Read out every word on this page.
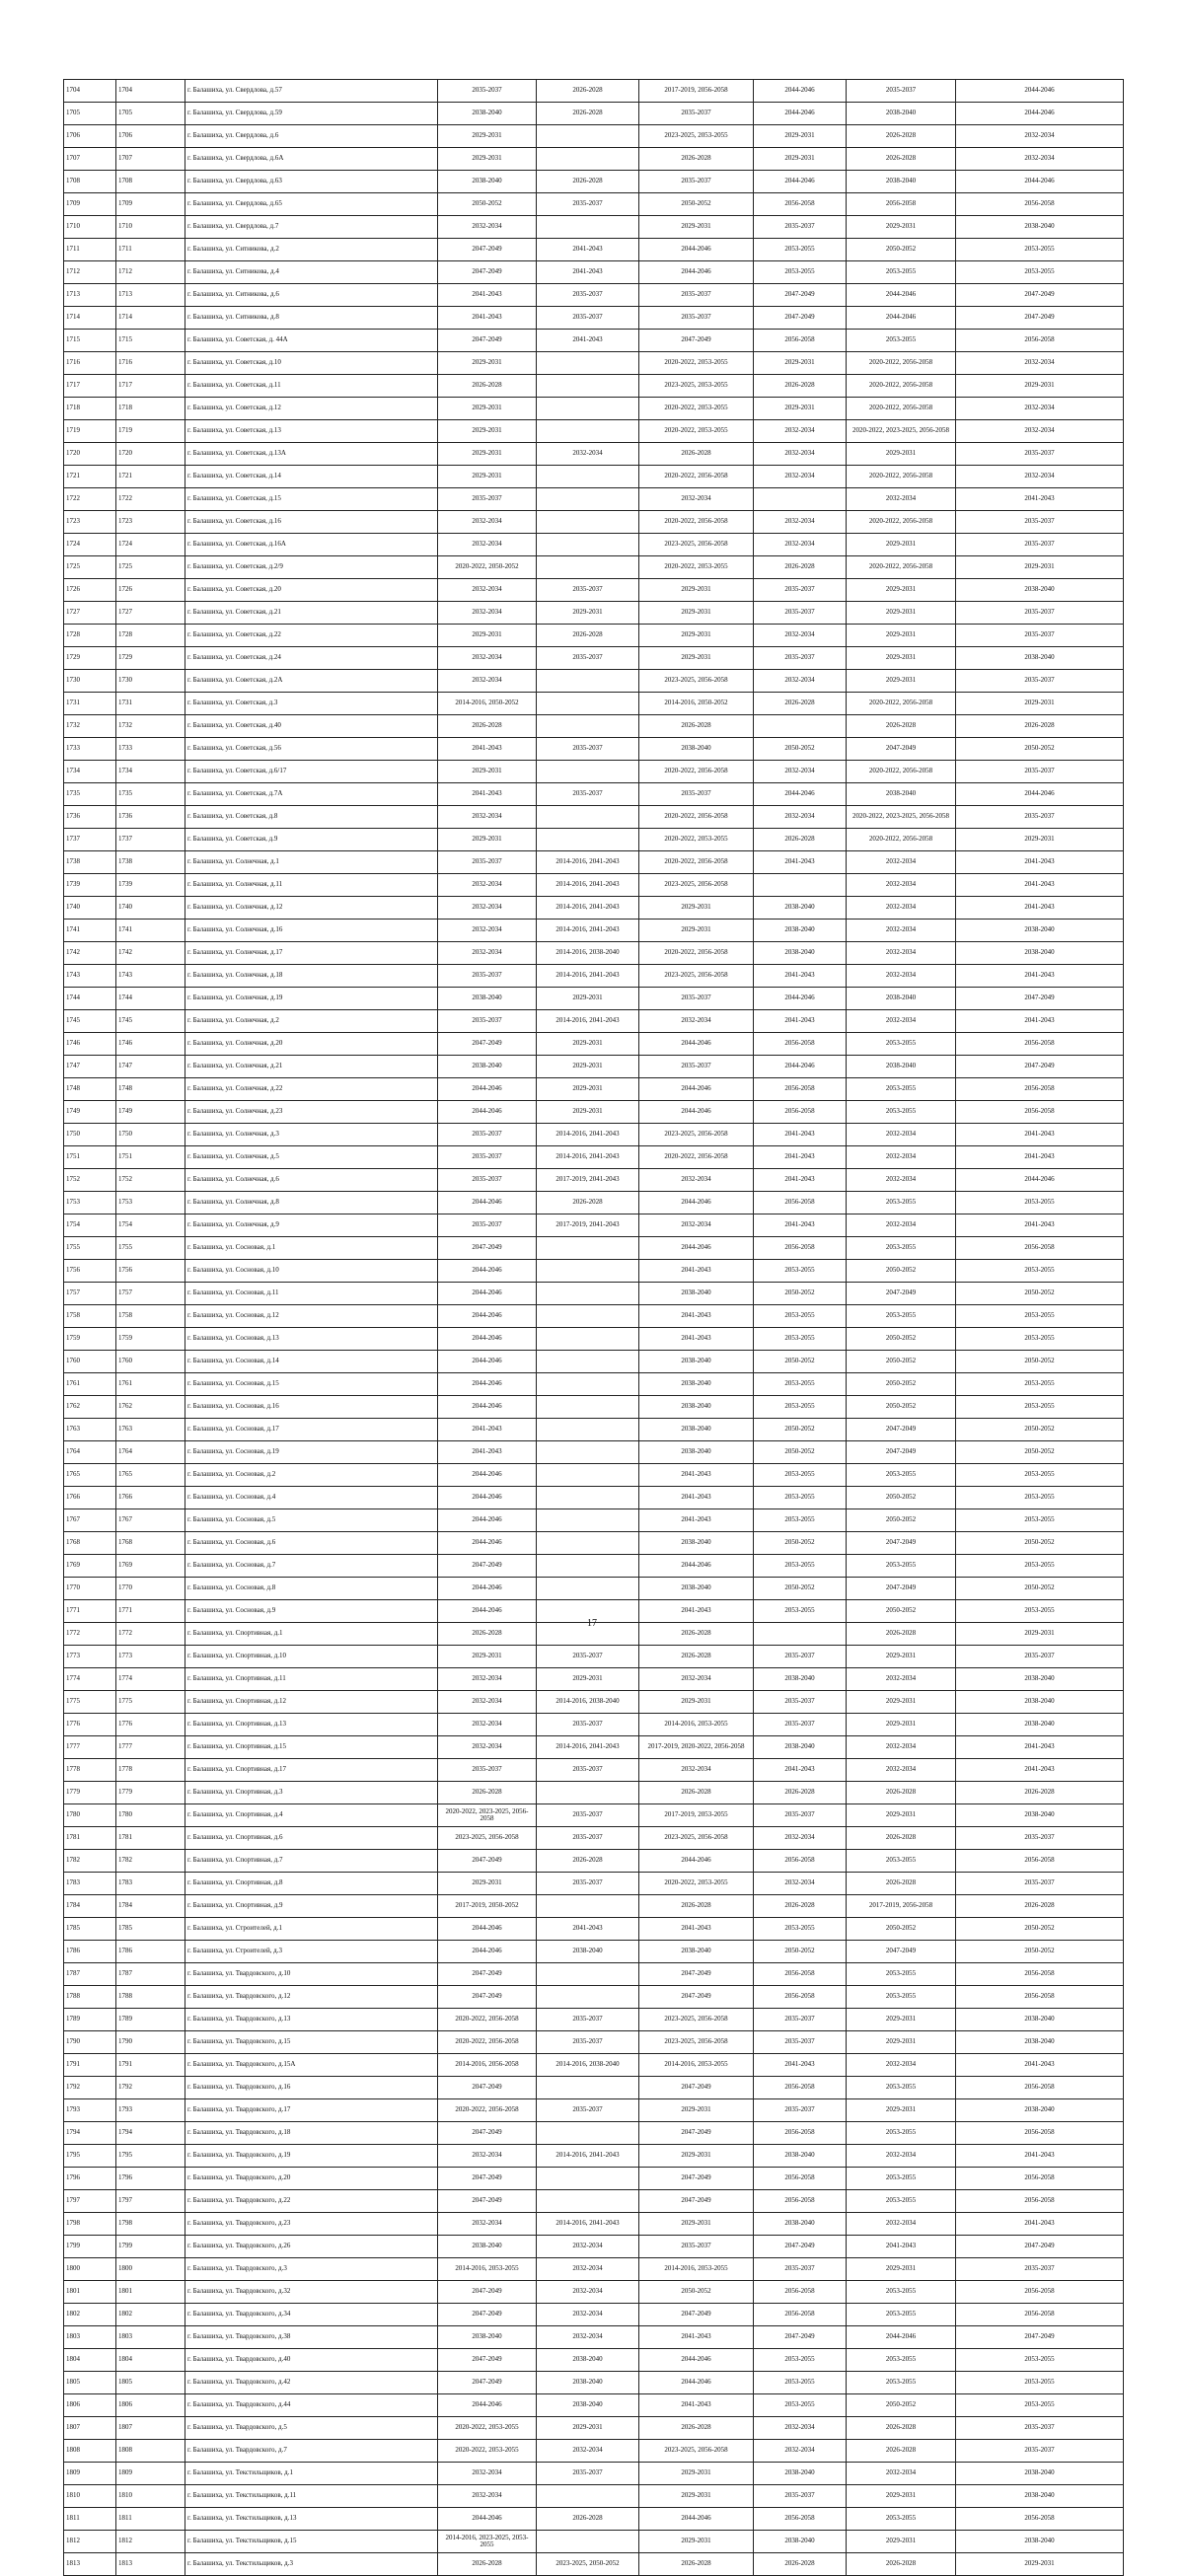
1704	1704	г. Балашиха, ул. Свердлова, д.57	2035-2037	2026-2028	2017-2019, 2056-2058	2044-2046	2035-2037	2044-2046
1705	1705	г. Балашиха, ул. Свердлова, д.59	2038-2040	2026-2028	2035-2037	2044-2046	2038-2040	2044-2046
1706	1706	г. Балашиха, ул. Свердлова, д.6	2029-2031		2023-2025, 2053-2055	2029-2031	2026-2028	2032-2034
1707	1707	г. Балашиха, ул. Свердлова, д.6А	2029-2031		2026-2028	2029-2031	2026-2028	2032-2034
1708	1708	г. Балашиха, ул. Свердлова, д.63	2038-2040	2026-2028	2035-2037	2044-2046	2038-2040	2044-2046
1709	1709	г. Балашиха, ул. Свердлова, д.65	2050-2052	2035-2037	2050-2052	2056-2058	2056-2058	2056-2058
1710	1710	г. Балашиха, ул. Свердлова, д.7	2032-2034		2029-2031	2035-2037	2029-2031	2038-2040
1711	1711	г. Балашиха, ул. Ситникова, д.2	2047-2049	2041-2043	2044-2046	2053-2055	2050-2052	2053-2055
1712	1712	г. Балашиха, ул. Ситникова, д.4	2047-2049	2041-2043	2044-2046	2053-2055	2053-2055	2053-2055
1713	1713	г. Балашиха, ул. Ситникова, д.6	2041-2043	2035-2037	2035-2037	2047-2049	2044-2046	2047-2049
1714	1714	г. Балашиха, ул. Ситникова, д.8	2041-2043	2035-2037	2035-2037	2047-2049	2044-2046	2047-2049
1715	1715	г. Балашиха, ул. Советская, д. 44А	2047-2049	2041-2043	2047-2049	2056-2058	2053-2055	2056-2058
1716	1716	г. Балашиха, ул. Советская, д.10	2029-2031		2020-2022, 2053-2055	2029-2031	2020-2022, 2056-2058	2032-2034
1717	1717	г. Балашиха, ул. Советская, д.11	2026-2028		2023-2025, 2053-2055	2026-2028	2020-2022, 2056-2058	2029-2031
1718	1718	г. Балашиха, ул. Советская, д.12	2029-2031		2020-2022, 2053-2055	2029-2031	2020-2022, 2056-2058	2032-2034
1719	1719	г. Балашиха, ул. Советская, д.13	2029-2031		2020-2022, 2053-2055	2032-2034	2020-2022, 2023-2025, 2056-2058	2032-2034
1720	1720	г. Балашиха, ул. Советская, д.13А	2029-2031	2032-2034	2026-2028	2032-2034	2029-2031	2035-2037
1721	1721	г. Балашиха, ул. Советская, д.14	2029-2031		2020-2022, 2056-2058	2032-2034	2020-2022, 2056-2058	2032-2034
1722	1722	г. Балашиха, ул. Советская, д.15	2035-2037		2032-2034		2032-2034	2041-2043
1723	1723	г. Балашиха, ул. Советская, д.16	2032-2034		2020-2022, 2056-2058	2032-2034	2020-2022, 2056-2058	2035-2037
1724	1724	г. Балашиха, ул. Советская, д.16А	2032-2034		2023-2025, 2056-2058	2032-2034	2029-2031	2035-2037
1725	1725	г. Балашиха, ул. Советская, д.2/9	2020-2022, 2050-2052		2020-2022, 2053-2055	2026-2028	2020-2022, 2056-2058	2029-2031
1726	1726	г. Балашиха, ул. Советская, д.20	2032-2034	2035-2037	2029-2031	2035-2037	2029-2031	2038-2040
1727	1727	г. Балашиха, ул. Советская, д.21	2032-2034	2029-2031	2029-2031	2035-2037	2029-2031	2035-2037
1728	1728	г. Балашиха, ул. Советская, д.22	2029-2031	2026-2028	2029-2031	2032-2034	2029-2031	2035-2037
1729	1729	г. Балашиха, ул. Советская, д.24	2032-2034	2035-2037	2029-2031	2035-2037	2029-2031	2038-2040
1730	1730	г. Балашиха, ул. Советская, д.2А	2032-2034		2023-2025, 2056-2058	2032-2034	2029-2031	2035-2037
1731	1731	г. Балашиха, ул. Советская, д.3	2014-2016, 2050-2052		2014-2016, 2050-2052	2026-2028	2020-2022, 2056-2058	2029-2031
1732	1732	г. Балашиха, ул. Советская, д.40	2026-2028		2026-2028		2026-2028	2026-2028
1733	1733	г. Балашиха, ул. Советская, д.56	2041-2043	2035-2037	2038-2040	2050-2052	2047-2049	2050-2052
1734	1734	г. Балашиха, ул. Советская, д.6/17	2029-2031		2020-2022, 2056-2058	2032-2034	2020-2022, 2056-2058	2035-2037
1735	1735	г. Балашиха, ул. Советская, д.7А	2041-2043	2035-2037	2035-2037	2044-2046	2038-2040	2044-2046
1736	1736	г. Балашиха, ул. Советская, д.8	2032-2034		2020-2022, 2056-2058	2032-2034	2020-2022, 2023-2025, 2056-2058	2035-2037
1737	1737	г. Балашиха, ул. Советская, д.9	2029-2031		2020-2022, 2053-2055	2026-2028	2020-2022, 2056-2058	2029-2031
1738	1738	г. Балашиха, ул. Солнечная, д.1	2035-2037	2014-2016, 2041-2043	2020-2022, 2056-2058	2041-2043	2032-2034	2041-2043
1739	1739	г. Балашиха, ул. Солнечная, д.11	2032-2034	2014-2016, 2041-2043	2023-2025, 2056-2058		2032-2034	2041-2043
1740	1740	г. Балашиха, ул. Солнечная, д.12	2032-2034	2014-2016, 2041-2043	2029-2031	2038-2040	2032-2034	2041-2043
1741	1741	г. Балашиха, ул. Солнечная, д.16	2032-2034	2014-2016, 2041-2043	2029-2031	2038-2040	2032-2034	2038-2040
1742	1742	г. Балашиха, ул. Солнечная, д.17	2032-2034	2014-2016, 2038-2040	2020-2022, 2056-2058	2038-2040	2032-2034	2038-2040
1743	1743	г. Балашиха, ул. Солнечная, д.18	2035-2037	2014-2016, 2041-2043	2023-2025, 2056-2058	2041-2043	2032-2034	2041-2043
1744	1744	г. Балашиха, ул. Солнечная, д.19	2038-2040	2029-2031	2035-2037	2044-2046	2038-2040	2047-2049
1745	1745	г. Балашиха, ул. Солнечная, д.2	2035-2037	2014-2016, 2041-2043	2032-2034	2041-2043	2032-2034	2041-2043
1746	1746	г. Балашиха, ул. Солнечная, д.20	2047-2049	2029-2031	2044-2046	2056-2058	2053-2055	2056-2058
1747	1747	г. Балашиха, ул. Солнечная, д.21	2038-2040	2029-2031	2035-2037	2044-2046	2038-2040	2047-2049
1748	1748	г. Балашиха, ул. Солнечная, д.22	2044-2046	2029-2031	2044-2046	2056-2058	2053-2055	2056-2058
1749	1749	г. Балашиха, ул. Солнечная, д.23	2044-2046	2029-2031	2044-2046	2056-2058	2053-2055	2056-2058
1750	1750	г. Балашиха, ул. Солнечная, д.3	2035-2037	2014-2016, 2041-2043	2023-2025, 2056-2058	2041-2043	2032-2034	2041-2043
1751	1751	г. Балашиха, ул. Солнечная, д.5	2035-2037	2014-2016, 2041-2043	2020-2022, 2056-2058	2041-2043	2032-2034	2041-2043
1752	1752	г. Балашиха, ул. Солнечная, д.6	2035-2037	2017-2019, 2041-2043	2032-2034	2041-2043	2032-2034	2044-2046
1753	1753	г. Балашиха, ул. Солнечная, д.8	2044-2046	2026-2028	2044-2046	2056-2058	2053-2055	2053-2055
1754	1754	г. Балашиха, ул. Солнечная, д.9	2035-2037	2017-2019, 2041-2043	2032-2034	2041-2043	2032-2034	2041-2043
1755	1755	г. Балашиха, ул. Сосновая, д.1	2047-2049		2044-2046	2056-2058	2053-2055	2056-2058
1756	1756	г. Балашиха, ул. Сосновая, д.10	2044-2046		2041-2043	2053-2055	2050-2052	2053-2055
1757	1757	г. Балашиха, ул. Сосновая, д.11	2044-2046		2038-2040	2050-2052	2047-2049	2050-2052
1758	1758	г. Балашиха, ул. Сосновая, д.12	2044-2046		2041-2043	2053-2055	2053-2055	2053-2055
1759	1759	г. Балашиха, ул. Сосновая, д.13	2044-2046		2041-2043	2053-2055	2050-2052	2053-2055
1760	1760	г. Балашиха, ул. Сосновая, д.14	2044-2046		2038-2040	2050-2052	2050-2052	2050-2052
1761	1761	г. Балашиха, ул. Сосновая, д.15	2044-2046		2038-2040	2053-2055	2050-2052	2053-2055
1762	1762	г. Балашиха, ул. Сосновая, д.16	2044-2046		2038-2040	2053-2055	2050-2052	2053-2055
1763	1763	г. Балашиха, ул. Сосновая, д.17	2041-2043		2038-2040	2050-2052	2047-2049	2050-2052
1764	1764	г. Балашиха, ул. Сосновая, д.19	2041-2043		2038-2040	2050-2052	2047-2049	2050-2052
1765	1765	г. Балашиха, ул. Сосновая, д.2	2044-2046		2041-2043	2053-2055	2053-2055	2053-2055
1766	1766	г. Балашиха, ул. Сосновая, д.4	2044-2046		2041-2043	2053-2055	2050-2052	2053-2055
1767	1767	г. Балашиха, ул. Сосновая, д.5	2044-2046		2041-2043	2053-2055	2050-2052	2053-2055
1768	1768	г. Балашиха, ул. Сосновая, д.6	2044-2046		2038-2040	2050-2052	2047-2049	2050-2052
1769	1769	г. Балашиха, ул. Сосновая, д.7	2047-2049		2044-2046	2053-2055	2053-2055	2053-2055
1770	1770	г. Балашиха, ул. Сосновая, д.8	2044-2046		2038-2040	2050-2052	2047-2049	2050-2052
1771	1771	г. Балашиха, ул. Сосновая, д.9	2044-2046		2041-2043	2053-2055	2050-2052	2053-2055
1772	1772	г. Балашиха, ул. Спортивная, д.1	2026-2028		2026-2028		2026-2028	2029-2031
1773	1773	г. Балашиха, ул. Спортивная, д.10	2029-2031	2035-2037	2026-2028	2035-2037	2029-2031	2035-2037
1774	1774	г. Балашиха, ул. Спортивная, д.11	2032-2034	2029-2031	2032-2034	2038-2040	2032-2034	2038-2040
1775	1775	г. Балашиха, ул. Спортивная, д.12	2032-2034	2014-2016, 2038-2040	2029-2031	2035-2037	2029-2031	2038-2040
1776	1776	г. Балашиха, ул. Спортивная, д.13	2032-2034	2035-2037	2014-2016, 2053-2055	2035-2037	2029-2031	2038-2040
1777	1777	г. Балашиха, ул. Спортивная, д.15	2032-2034	2014-2016, 2041-2043	2017-2019, 2020-2022, 2056-2058	2038-2040	2032-2034	2041-2043
1778	1778	г. Балашиха, ул. Спортивная, д.17	2035-2037	2035-2037	2032-2034	2041-2043	2032-2034	2041-2043
1779	1779	г. Балашиха, ул. Спортивная, д.3	2026-2028		2026-2028	2026-2028	2026-2028	2026-2028
1780	1780	г. Балашиха, ул. Спортивная, д.4	2020-2022, 2023-2025, 2056-2058	2035-2037	2017-2019, 2053-2055	2035-2037	2029-2031	2038-2040
1781	1781	г. Балашиха, ул. Спортивная, д.6	2023-2025, 2056-2058	2035-2037	2023-2025, 2056-2058	2032-2034	2026-2028	2035-2037
1782	1782	г. Балашиха, ул. Спортивная, д.7	2047-2049	2026-2028	2044-2046	2056-2058	2053-2055	2056-2058
1783	1783	г. Балашиха, ул. Спортивная, д.8	2029-2031	2035-2037	2020-2022, 2053-2055	2032-2034	2026-2028	2035-2037
1784	1784	г. Балашиха, ул. Спортивная, д.9	2017-2019, 2050-2052		2026-2028	2026-2028	2017-2019, 2056-2058	2026-2028
1785	1785	г. Балашиха, ул. Строителей, д.1	2044-2046	2041-2043	2041-2043	2053-2055	2050-2052	2050-2052
1786	1786	г. Балашиха, ул. Строителей, д.3	2044-2046	2038-2040	2038-2040	2050-2052	2047-2049	2050-2052
1787	1787	г. Балашиха, ул. Твардовского, д.10	2047-2049		2047-2049	2056-2058	2053-2055	2056-2058
1788	1788	г. Балашиха, ул. Твардовского, д.12	2047-2049		2047-2049	2056-2058	2053-2055	2056-2058
1789	1789	г. Балашиха, ул. Твардовского, д.13	2020-2022, 2056-2058	2035-2037	2023-2025, 2056-2058	2035-2037	2029-2031	2038-2040
1790	1790	г. Балашиха, ул. Твардовского, д.15	2020-2022, 2056-2058	2035-2037	2023-2025, 2056-2058	2035-2037	2029-2031	2038-2040
1791	1791	г. Балашиха, ул. Твардовского, д.15А	2014-2016, 2056-2058	2014-2016, 2038-2040	2014-2016, 2053-2055	2041-2043	2032-2034	2041-2043
1792	1792	г. Балашиха, ул. Твардовского, д.16	2047-2049		2047-2049	2056-2058	2053-2055	2056-2058
1793	1793	г. Балашиха, ул. Твардовского, д.17	2020-2022, 2056-2058	2035-2037	2029-2031	2035-2037	2029-2031	2038-2040
1794	1794	г. Балашиха, ул. Твардовского, д.18	2047-2049		2047-2049	2056-2058	2053-2055	2056-2058
1795	1795	г. Балашиха, ул. Твардовского, д.19	2032-2034	2014-2016, 2041-2043	2029-2031	2038-2040	2032-2034	2041-2043
1796	1796	г. Балашиха, ул. Твардовского, д.20	2047-2049		2047-2049	2056-2058	2053-2055	2056-2058
1797	1797	г. Балашиха, ул. Твардовского, д.22	2047-2049		2047-2049	2056-2058	2053-2055	2056-2058
1798	1798	г. Балашиха, ул. Твардовского, д.23	2032-2034	2014-2016, 2041-2043	2029-2031	2038-2040	2032-2034	2041-2043
1799	1799	г. Балашиха, ул. Твардовского, д.26	2038-2040	2032-2034	2035-2037	2047-2049	2041-2043	2047-2049
1800	1800	г. Балашиха, ул. Твардовского, д.3	2014-2016, 2053-2055	2032-2034	2014-2016, 2053-2055	2035-2037	2029-2031	2035-2037
1801	1801	г. Балашиха, ул. Твардовского, д.32	2047-2049	2032-2034	2050-2052	2056-2058	2053-2055	2056-2058
1802	1802	г. Балашиха, ул. Твардовского, д.34	2047-2049	2032-2034	2047-2049	2056-2058	2053-2055	2056-2058
1803	1803	г. Балашиха, ул. Твардовского, д.38	2038-2040	2032-2034	2041-2043	2047-2049	2044-2046	2047-2049
1804	1804	г. Балашиха, ул. Твардовского, д.40	2047-2049	2038-2040	2044-2046	2053-2055	2053-2055	2053-2055
1805	1805	г. Балашиха, ул. Твардовского, д.42	2047-2049	2038-2040	2044-2046	2053-2055	2053-2055	2053-2055
1806	1806	г. Балашиха, ул. Твардовского, д.44	2044-2046	2038-2040	2041-2043	2053-2055	2050-2052	2053-2055
1807	1807	г. Балашиха, ул. Твардовского, д.5	2020-2022, 2053-2055	2029-2031	2026-2028	2032-2034	2026-2028	2035-2037
1808	1808	г. Балашиха, ул. Твардовского, д.7	2020-2022, 2053-2055	2032-2034	2023-2025, 2056-2058	2032-2034	2026-2028	2035-2037
1809	1809	г. Балашиха, ул. Текстильщиков, д.1	2032-2034	2035-2037	2029-2031	2038-2040	2032-2034	2038-2040
1810	1810	г. Балашиха, ул. Текстильщиков, д.11	2032-2034		2029-2031	2035-2037	2029-2031	2038-2040
1811	1811	г. Балашиха, ул. Текстильщиков, д.13	2044-2046	2026-2028	2044-2046	2056-2058	2053-2055	2056-2058
1812	1812	г. Балашиха, ул. Текстильщиков, д.15	2014-2016, 2023-2025, 2053-2055		2029-2031	2038-2040	2029-2031	2038-2040
1813	1813	г. Балашиха, ул. Текстильщиков, д.3	2026-2028	2023-2025, 2050-2052	2026-2028	2026-2028	2026-2028	2029-2031
17
